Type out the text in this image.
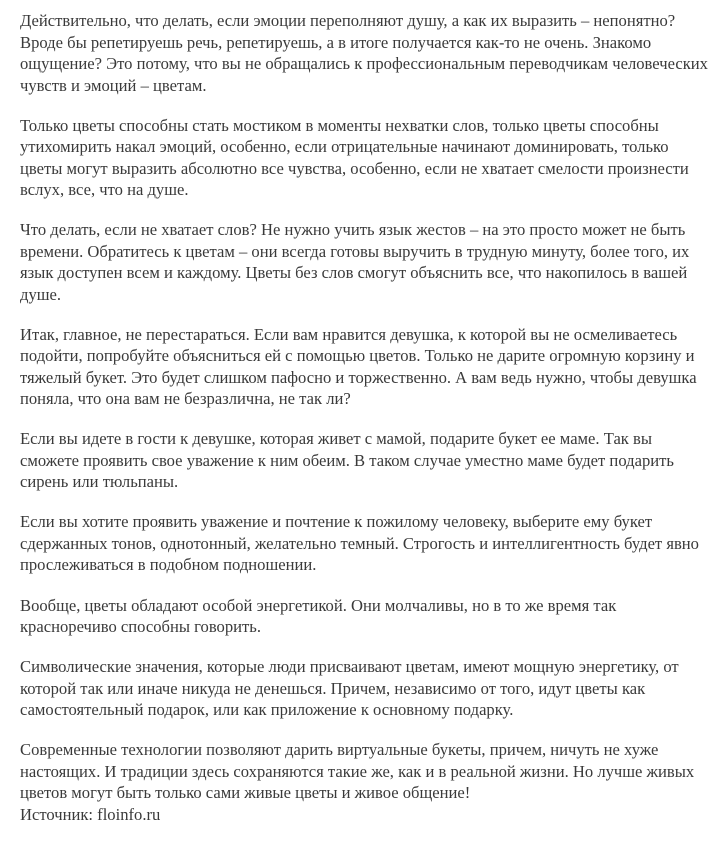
Действительно, что делать, если эмоции переполняют душу, а как их выразить – непонятно? Вроде бы репетируешь речь, репетируешь, а в итоге получается как-то не очень. Знакомо ощущение? Это потому, что вы не обращались к профессиональным переводчикам человеческих чувств и эмоций – цветам.

Только цветы способны стать мостиком в моменты нехватки слов, только цветы способны утихомирить накал эмоций, особенно, если отрицательные начинают доминировать, только цветы могут выразить абсолютно все чувства, особенно, если не хватает смелости произнести вслух, все, что на душе.

Что делать, если не хватает слов? Не нужно учить язык жестов – на это просто может не быть времени. Обратитесь к цветам – они всегда готовы выручить в трудную минуту, более того, их язык доступен всем и каждому. Цветы без слов смогут объяснить все, что накопилось в вашей душе.

Итак, главное, не перестараться. Если вам нравится девушка, к которой вы не осмеливаетесь подойти, попробуйте объясниться ей с помощью цветов. Только не дарите огромную корзину и тяжелый букет. Это будет слишком пафосно и торжественно. А вам ведь нужно, чтобы девушка поняла, что она вам не безразлична, не так ли?

Если вы идете в гости к девушке, которая живет с мамой, подарите букет ее маме. Так вы сможете проявить свое уважение к ним обеим. В таком случае уместно маме будет подарить сирень или тюльпаны.

Если вы хотите проявить уважение и почтение к пожилому человеку, выберите ему букет сдержанных тонов, однотонный, желательно темный. Строгость и интеллигентность будет явно прослеживаться в подобном подношении.

Вообще, цветы обладают особой энергетикой. Они молчаливы, но в то же время так красноречиво способны говорить.

Символические значения, которые люди присваивают цветам, имеют мощную энергетику, от которой так или иначе никуда не денешься. Причем, независимо от того, идут цветы как самостоятельный подарок, или как приложение к основному подарку.

Современные технологии позволяют дарить виртуальные букеты, причем, ничуть не хуже настоящих. И традиции здесь сохраняются такие же, как и в реальной жизни. Но лучше живых цветов могут быть только сами живые цветы и живое общение!

Источник: floinfo.ru
